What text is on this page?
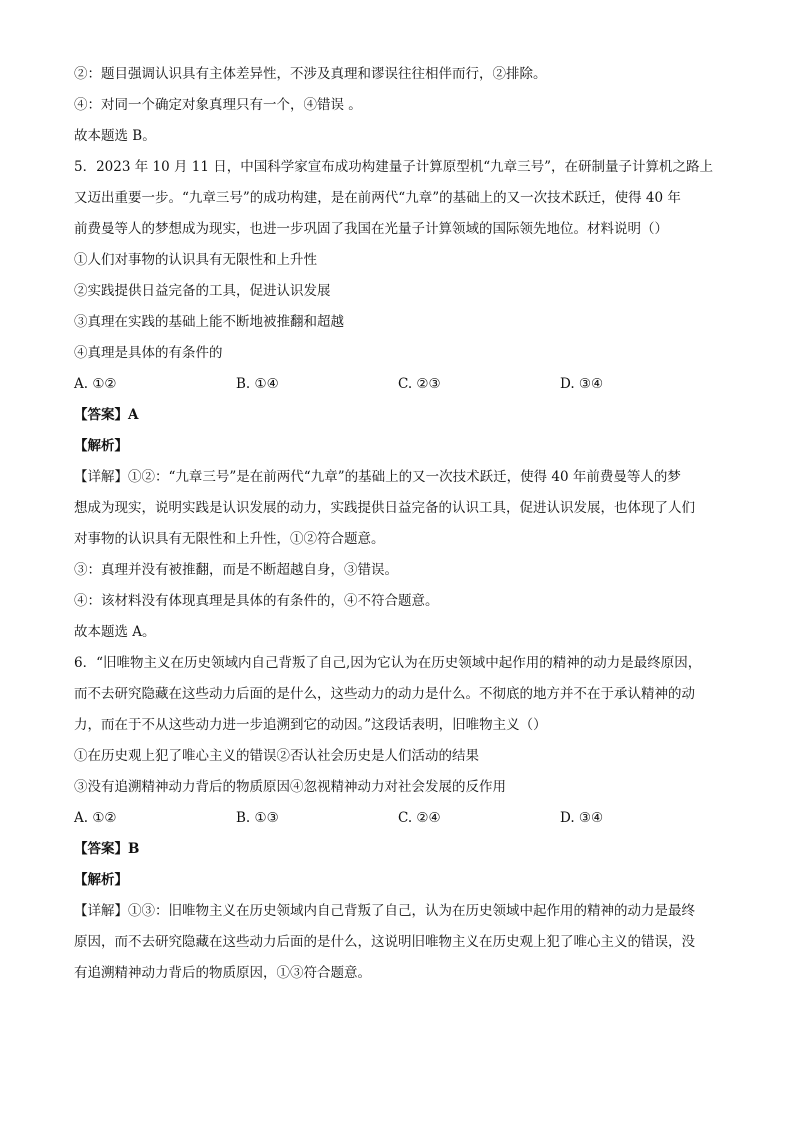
②：题目强调认识具有主体差异性，不涉及真理和谬误往往相伴而行，②排除。

④：对同一个确定对象真理只有一个，④错误 。

故本题选 B。

5．2023 年 10 月 11 日，中国科学家宣布成功构建量子计算原型机“九章三号”，在研制量子计算机之路上

又迈出重要一步。“九章三号”的成功构建，是在前两代“九章”的基础上的又一次技术跃迁，使得 40 年

前费曼等人的梦想成为现实，也进一步巩固了我国在光量子计算领域的国际领先地位。材料说明（）

①人们对事物的认识具有无限性和上升性

②实践提供日益完备的工具，促进认识发展

③真理在实践的基础上能不断地被推翻和超越

④真理是具体的有条件的

A. ①②	B. ①④	C. ②③	D. ③④

【答案】A

【解析】

【详解】①②：“九章三号”是在前两代“九章”的基础上的又一次技术跃迁，使得 40 年前费曼等人的梦

想成为现实，说明实践是认识发展的动力，实践提供日益完备的认识工具，促进认识发展，也体现了人们

对事物的认识具有无限性和上升性，①②符合题意。

③：真理并没有被推翻，而是不断超越自身，③错误。

④：该材料没有体现真理是具体的有条件的，④不符合题意。

故本题选 A。

6．“旧唯物主义在历史领域内自己背叛了自己,因为它认为在历史领域中起作用的精神的动力是最终原因，

而不去研究隐藏在这些动力后面的是什么，这些动力的动力是什么。不彻底的地方并不在于承认精神的动

力，而在于不从这些动力进一步追溯到它的动因。”这段话表明，旧唯物主义（）

①在历史观上犯了唯心主义的错误②否认社会历史是人们活动的结果

③没有追溯精神动力背后的物质原因④忽视精神动力对社会发展的反作用

A. ①②	B. ①③	C. ②④	D. ③④

【答案】B

【解析】

【详解】①③：旧唯物主义在历史领域内自己背叛了自己，认为在历史领域中起作用的精神的动力是最终

原因，而不去研究隐藏在这些动力后面的是什么，这说明旧唯物主义在历史观上犯了唯心主义的错误，没

有追溯精神动力背后的物质原因，①③符合题意。
